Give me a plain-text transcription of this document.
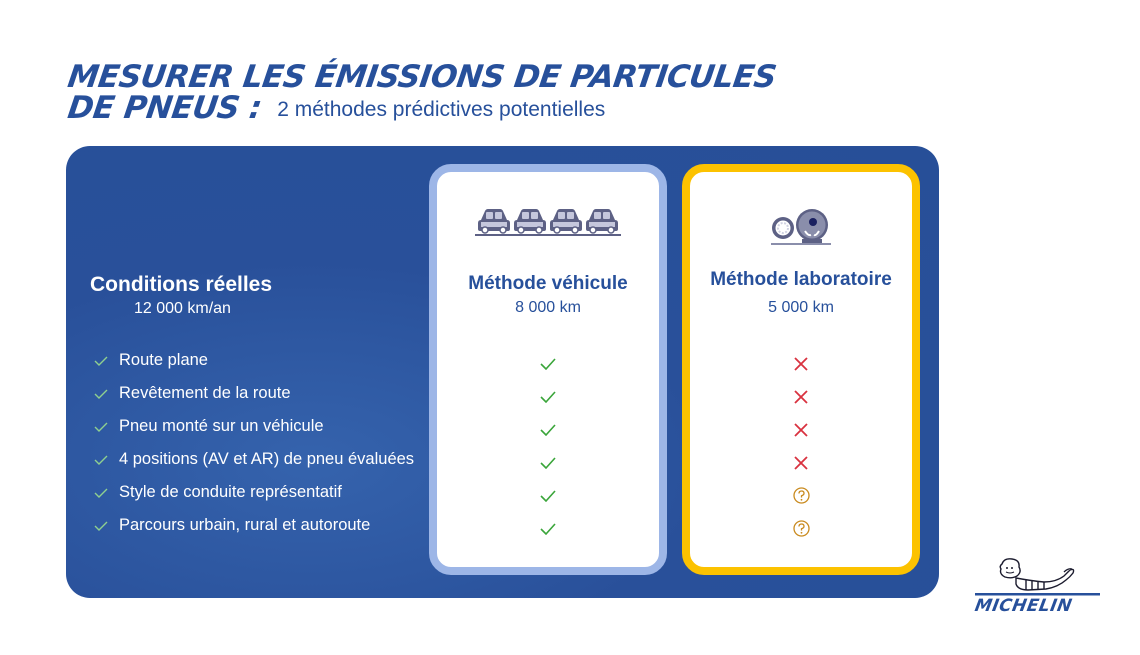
MESURER LES ÉMISSIONS DE PARTICULES
DE PNEUS : 2 méthodes prédictives potentielles
Conditions réelles
12 000 km/an
Route plane
Revêtement de la route
Pneu monté sur un véhicule
4 positions (AV et AR) de pneu évaluées
Style de conduite représentatif
Parcours urbain, rural et autoroute
Méthode véhicule
8 000 km
Méthode laboratoire
5 000 km
MICHELIN
